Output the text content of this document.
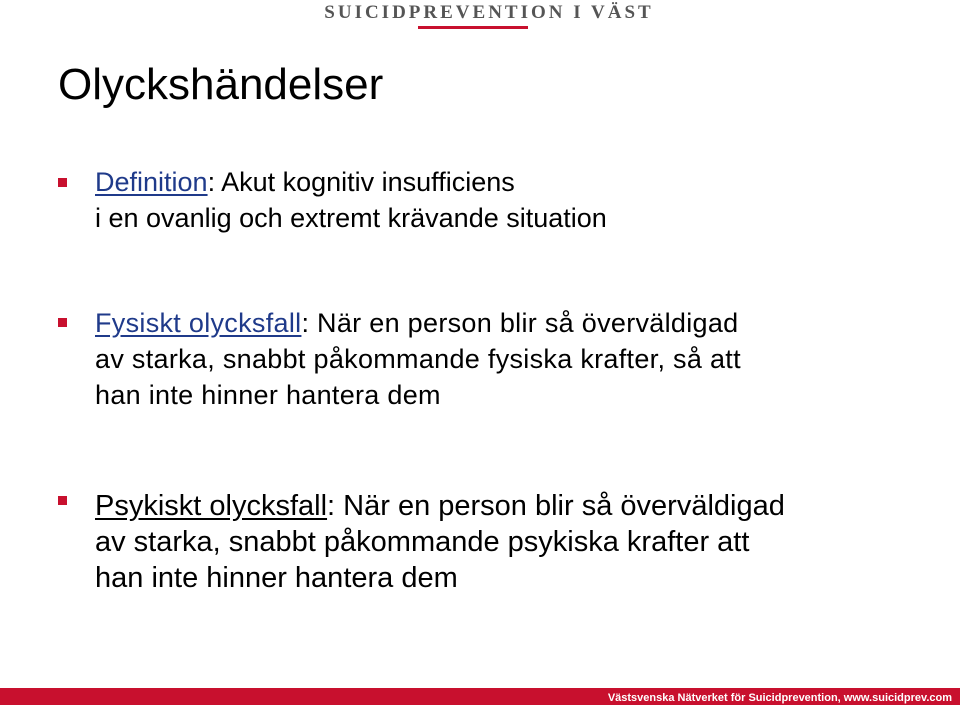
SUICIDPREVENTION I VÄST
Olyckshändelser
Definition: Akut kognitiv insufficiens
i en ovanlig och extremt krävande situation
Fysiskt olycksfall: När en person blir så överväldigad
av starka, snabbt påkommande fysiska krafter, så att
han inte hinner hantera dem
Psykiskt olycksfall: När en person blir så överväldigad
av starka, snabbt påkommande psykiska krafter att
han inte hinner hantera dem
Västsvenska Nätverket för Suicidprevention, www.suicidprev.com
